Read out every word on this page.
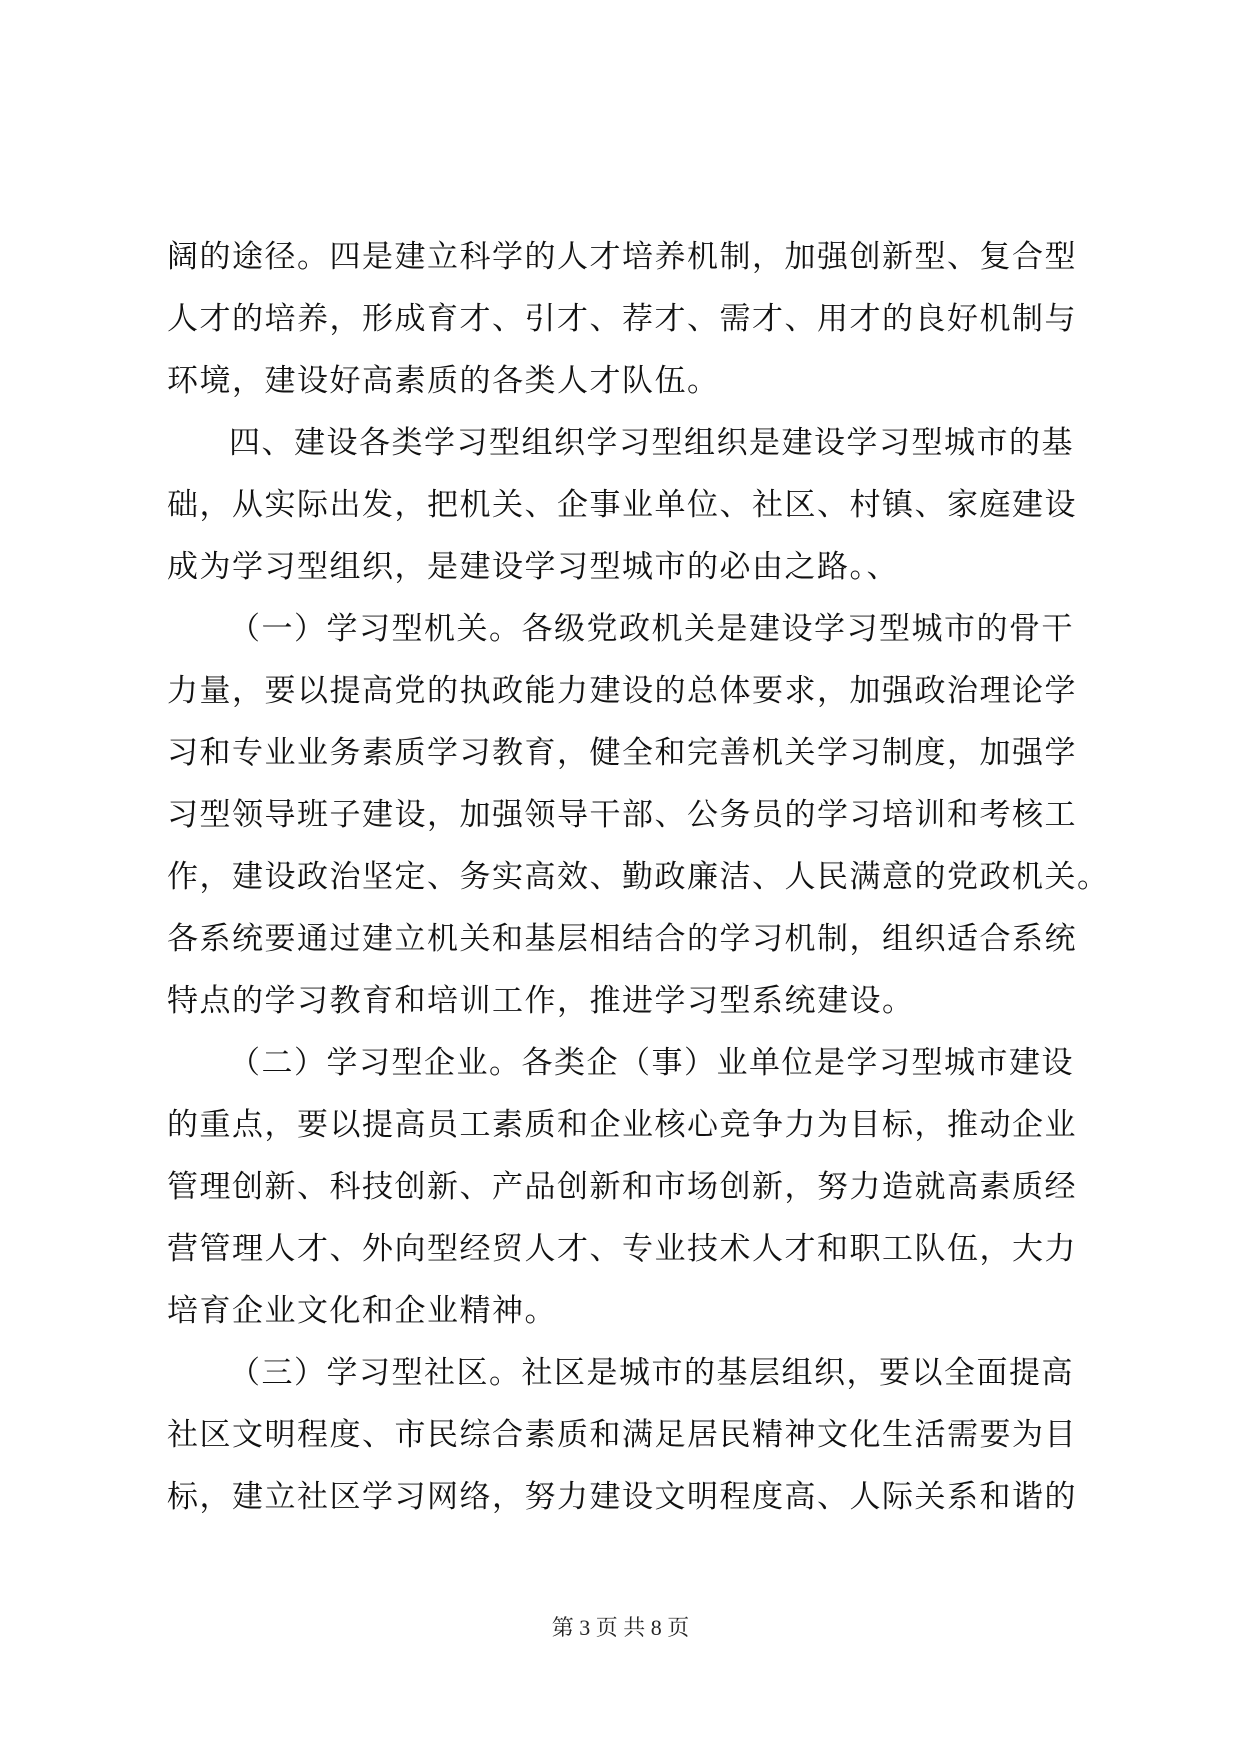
阔的途径。四是建立科学的人才培养机制，加强创新型、复合型
人才的培养，形成育才、引才、荐才、需才、用才的良好机制与
环境，建设好高素质的各类人才队伍。
四、建设各类学习型组织学习型组织是建设学习型城市的基
础，从实际出发，把机关、企事业单位、社区、村镇、家庭建设
成为学习型组织，是建设学习型城市的必由之路。、
（一）学习型机关。各级党政机关是建设学习型城市的骨干
力量，要以提高党的执政能力建设的总体要求，加强政治理论学
习和专业业务素质学习教育，健全和完善机关学习制度，加强学
习型领导班子建设，加强领导干部、公务员的学习培训和考核工
作，建设政治坚定、务实高效、勤政廉洁、人民满意的党政机关。
各系统要通过建立机关和基层相结合的学习机制，组织适合系统
特点的学习教育和培训工作，推进学习型系统建设。
（二）学习型企业。各类企（事）业单位是学习型城市建设
的重点，要以提高员工素质和企业核心竞争力为目标，推动企业
管理创新、科技创新、产品创新和市场创新，努力造就高素质经
营管理人才、外向型经贸人才、专业技术人才和职工队伍，大力
培育企业文化和企业精神。
（三）学习型社区。社区是城市的基层组织，要以全面提高
社区文明程度、市民综合素质和满足居民精神文化生活需要为目
标，建立社区学习网络，努力建设文明程度高、人际关系和谐的
第 3 页 共 8 页
